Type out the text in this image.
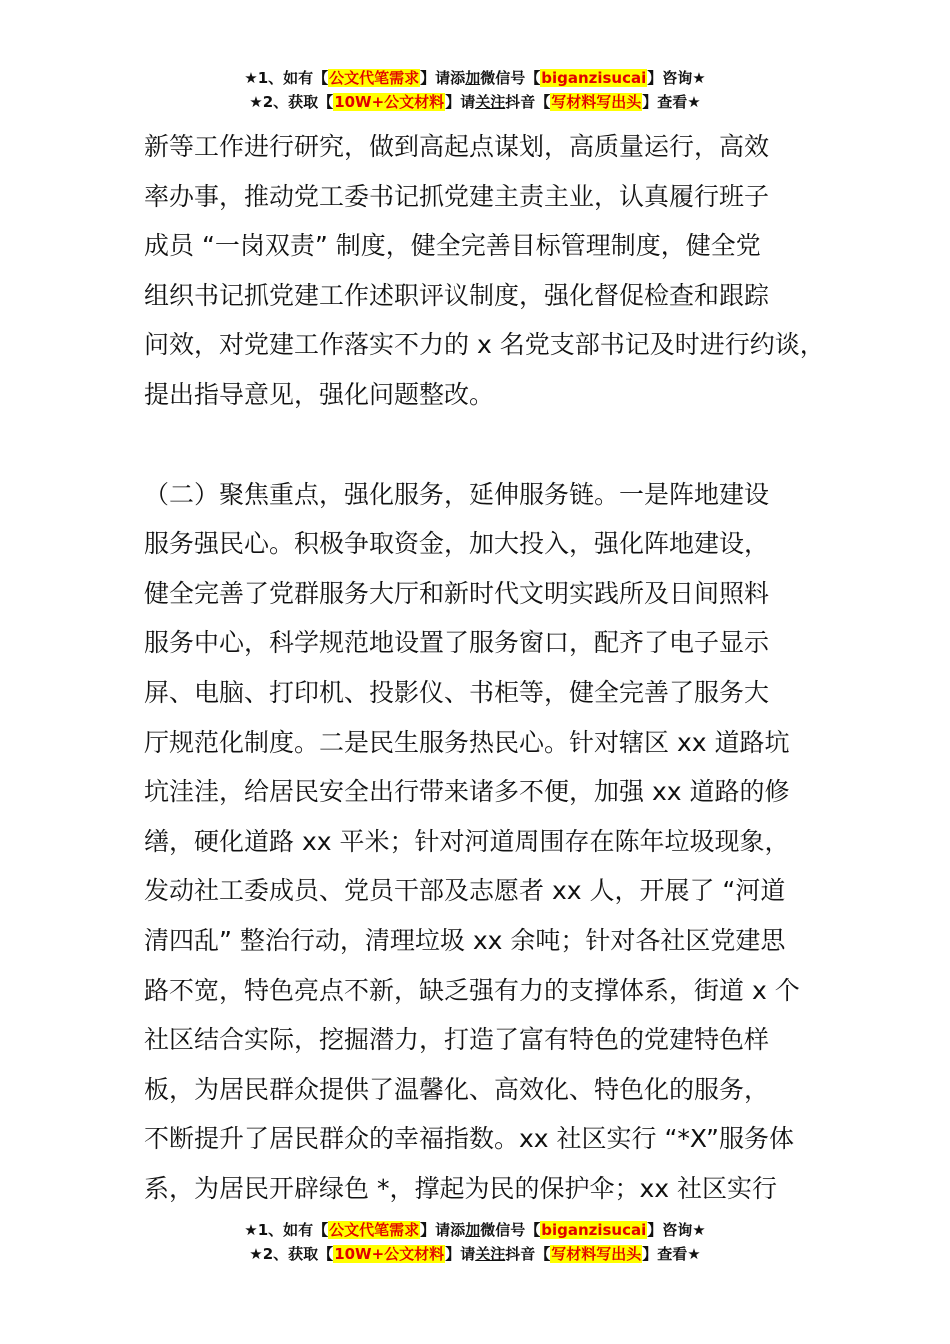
★1、如有【公文代笔需求】请添加微信号【biganzisucai】咨询★
★2、获取【10W+公文材料】请关注抖音【写材料写出头】查看★

新等工作进行研究，做到高起点谋划，高质量运行，高效
率办事，推动党工委书记抓党建主责主业，认真履行班子
成员 “一岗双责” 制度，健全完善目标管理制度，健全党
组织书记抓党建工作述职评议制度，强化督促检查和跟踪
问效，对党建工作落实不力的 x 名党支部书记及时进行约谈，
提出指导意见，强化问题整改。

（二）聚焦重点，强化服务，延伸服务链。一是阵地建设
服务强民心。积极争取资金，加大投入，强化阵地建设，
健全完善了党群服务大厅和新时代文明实践所及日间照料
服务中心，科学规范地设置了服务窗口，配齐了电子显示
屏、电脑、打印机、投影仪、书柜等，健全完善了服务大
厅规范化制度。二是民生服务热民心。针对辖区 xx 道路坑
坑洼洼，给居民安全出行带来诸多不便，加强 xx 道路的修
缮，硬化道路 xx 平米；针对河道周围存在陈年垃圾现象，
发动社工委成员、党员干部及志愿者 xx 人，开展了 “河道
清四乱” 整治行动，清理垃圾 xx 余吨；针对各社区党建思
路不宽，特色亮点不新，缺乏强有力的支撑体系，街道 x 个
社区结合实际，挖掘潜力，打造了富有特色的党建特色样
板，为居民群众提供了温馨化、高效化、特色化的服务，
不断提升了居民群众的幸福指数。xx 社区实行 “*X”服务体
系，为居民开辟绿色 *，撑起为民的保护伞；xx 社区实行

★1、如有【公文代笔需求】请添加微信号【biganzisucai】咨询★
★2、获取【10W+公文材料】请关注抖音【写材料写出头】查看★
